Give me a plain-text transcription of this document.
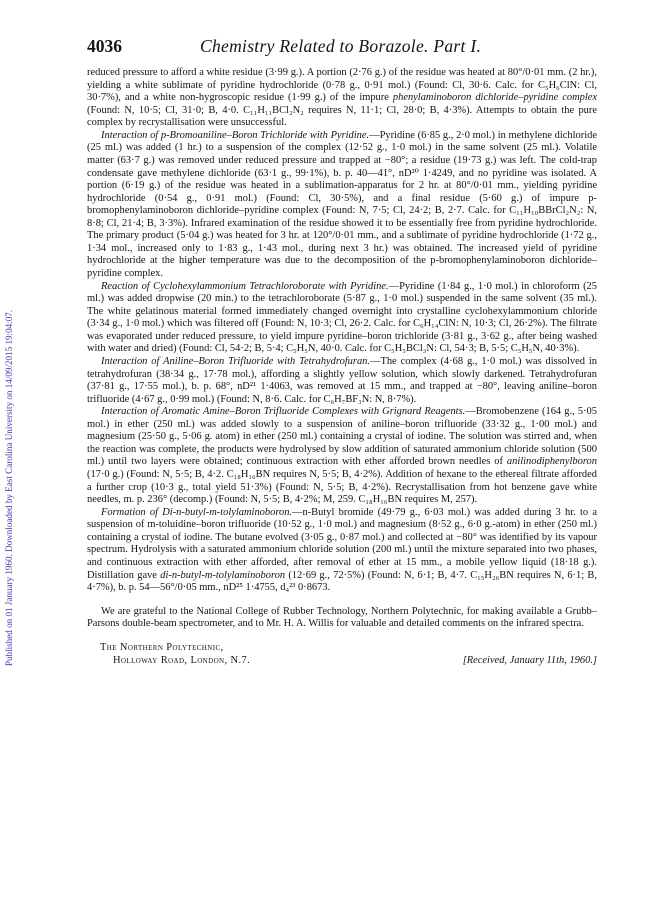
Published on 01 January 1960. Downloaded by East Carolina University on 14/09/2015 19:04:07.
4036	Chemistry Related to Borazole. Part I.

reduced pressure to afford a white residue (3·99 g.). A portion (2·76 g.) of the residue was heated at 80°/0·01 mm. (2 hr.), yielding a white sublimate of pyridine hydrochloride (0·78 g., 0·91 mol.) (Found: Cl, 30·6. Calc. for C₅H₆ClN: Cl, 30·7%), and a white non-hygroscopic residue (1·99 g.) of the impure phenylaminoboron dichloride–pyridine complex (Found: N, 10·5; Cl, 31·0; B, 4·0. C₁₁H₁₁BCl₂N₂ requires N, 11·1; Cl, 28·0; B, 4·3%). Attempts to obtain the pure complex by recrystallisation were unsuccessful.

Interaction of p-Bromoaniline–Boron Trichloride with Pyridine.—Pyridine (6·85 g., 2·0 mol.) in methylene dichloride (25 ml.) was added (1 hr.) to a suspension of the complex (12·52 g., 1·0 mol.) in the same solvent (25 ml.). Volatile matter (63·7 g.) was removed under reduced pressure and trapped at −80°; a residue (19·73 g.) was left. The cold-trap condensate gave methylene dichloride (63·1 g., 99·1%), b. p. 40—41°, nD²⁰ 1·4249, and no pyridine was isolated. A portion (6·19 g.) of the residue was heated in a sublimation-apparatus for 2 hr. at 80°/0·01 mm., yielding pyridine hydrochloride (0·54 g., 0·91 mol.) (Found: Cl, 30·5%), and a final residue (5·60 g.) of impure p-bromophenylaminoboron dichloride–pyridine complex (Found: N, 7·5; Cl, 24·2; B, 2·7. Calc. for C₁₁H₁₀BBrCl₂N₂: N, 8·8; Cl, 21·4; B, 3·3%). Infrared examination of the residue showed it to be essentially free from pyridine hydrochloride. The primary product (5·04 g.) was heated for 3 hr. at 120°/0·01 mm., and a sublimate of pyridine hydrochloride (1·72 g., 1·34 mol., increased only to 1·83 g., 1·43 mol., during next 3 hr.) was obtained. The increased yield of pyridine hydrochloride at the higher temperature was due to the decomposition of the p-bromophenylaminoboron dichloride–pyridine complex.

Reaction of Cyclohexylammonium Tetrachloroborate with Pyridine.—Pyridine (1·84 g., 1·0 mol.) in chloroform (25 ml.) was added dropwise (20 min.) to the tetrachloroborate (5·87 g., 1·0 mol.) suspended in the same solvent (35 ml.). The white gelatinous material formed immediately changed overnight into crystalline cyclohexylammonium chloride (3·34 g., 1·0 mol.) which was filtered off (Found: N, 10·3; Cl, 26·2. Calc. for C₆H₁₄ClN: N, 10·3; Cl, 26·2%). The filtrate was evaporated under reduced pressure, to yield impure pyridine–boron trichloride (3·81 g., 3·62 g., after being washed with water and dried) (Found: Cl, 54·2; B, 5·4; C₅H₅N, 40·0. Calc. for C₅H₅BCl₃N: Cl, 54·3; B, 5·5; C₅H₅N, 40·3%).

Interaction of Aniline–Boron Trifluoride with Tetrahydrofuran.—The complex (4·68 g., 1·0 mol.) was dissolved in tetrahydrofuran (38·34 g., 17·78 mol.), affording a slightly yellow solution, which slowly darkened. Tetrahydrofuran (37·81 g., 17·55 mol.), b. p. 68°, nD²¹ 1·4063, was removed at 15 mm., and trapped at −80°, leaving aniline–boron trifluoride (4·67 g., 0·99 mol.) (Found: N, 8·6. Calc. for C₆H₇BF₃N: N, 8·7%).

Interaction of Aromatic Amine–Boron Trifluoride Complexes with Grignard Reagents.—Bromobenzene (164 g., 5·05 mol.) in ether (250 ml.) was added slowly to a suspension of aniline–boron trifluoride (33·32 g., 1·00 mol.) and magnesium (25·50 g., 5·06 g. atom) in ether (250 ml.) containing a crystal of iodine. The solution was stirred and, when the reaction was complete, the products were hydrolysed by slow addition of saturated ammonium chloride solution (500 ml.) until two layers were obtained; continuous extraction with ether afforded brown needles of anilinodiphenylboron (17·0 g.) (Found: N, 5·5; B, 4·2. C₁₈H₁₆BN requires N, 5·5; B, 4·2%). Addition of hexane to the ethereal filtrate afforded a further crop (10·3 g., total yield 51·3%) (Found: N, 5·5; B, 4·2%). Recrystallisation from hot benzene gave white needles, m. p. 236° (decomp.) (Found: N, 5·5; B, 4·2%; M, 259. C₁₈H₁₆BN requires M, 257).

Formation of Di-n-butyl-m-tolylaminoboron.—n-Butyl bromide (49·79 g., 6·03 mol.) was added during 3 hr. to a suspension of m-toluidine–boron trifluoride (10·52 g., 1·0 mol.) and magnesium (8·52 g., 6·0 g.-atom) in ether (250 ml.) containing a crystal of iodine. The butane evolved (3·05 g., 0·87 mol.) and collected at −80° was identified by its vapour spectrum. Hydrolysis with a saturated ammonium chloride solution (200 ml.) until the mixture separated into two phases, and continuous extraction with ether afforded, after removal of ether at 15 mm., a mobile yellow liquid (18·18 g.). Distillation gave di-n-butyl-m-tolylaminoboron (12·69 g., 72·5%) (Found: N, 6·1; B, 4·7. C₁₅H₂₆BN requires N, 6·1; B, 4·7%), b. p. 54—56°/0·05 mm., nD²⁵ 1·4755, d₄²³ 0·8673.

We are grateful to the National College of Rubber Technology, Northern Polytechnic, for making available a Grubb–Parsons double-beam spectrometer, and to Mr. H. A. Willis for valuable and detailed comments on the infrared spectra.

The Northern Polytechnic,
Holloway Road, London, N.7.	[Received, January 11th, 1960.]
